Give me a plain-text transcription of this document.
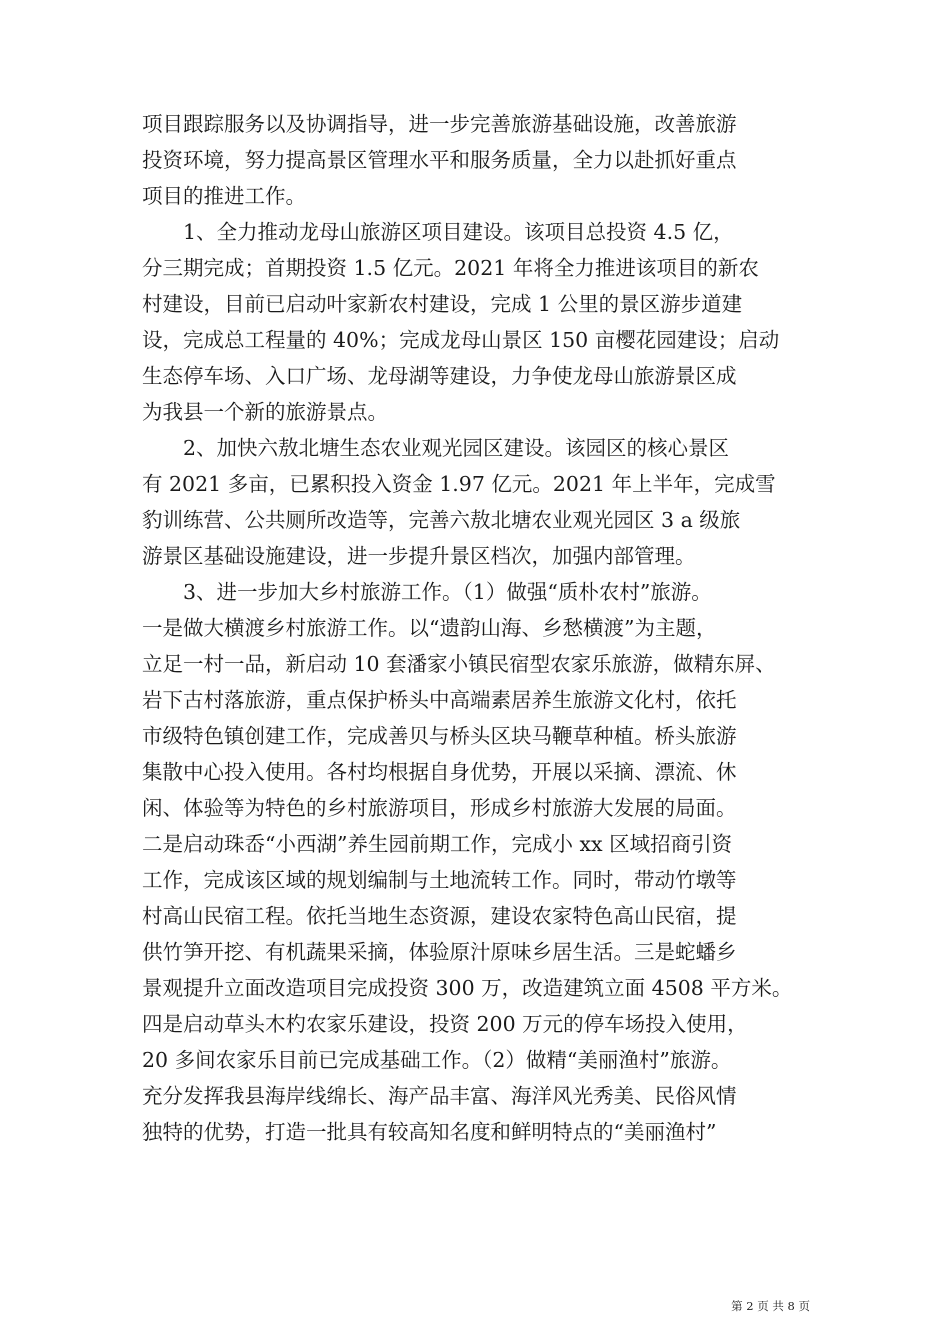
项目跟踪服务以及协调指导，进一步完善旅游基础设施，改善旅游
投资环境，努力提高景区管理水平和服务质量，全力以赴抓好重点
项目的推进工作。
1、全力推动龙母山旅游区项目建设。该项目总投资 4.5 亿，
分三期完成；首期投资 1.5 亿元。2021 年将全力推进该项目的新农
村建设，目前已启动叶家新农村建设，完成 1 公里的景区游步道建
设，完成总工程量的 40%；完成龙母山景区 150 亩樱花园建设；启动
生态停车场、入口广场、龙母湖等建设，力争使龙母山旅游景区成
为我县一个新的旅游景点。
2、加快六敖北塘生态农业观光园区建设。该园区的核心景区
有 2021 多亩，已累积投入资金 1.97 亿元。2021 年上半年，完成雪
豹训练营、公共厕所改造等，完善六敖北塘农业观光园区 3 a 级旅
游景区基础设施建设，进一步提升景区档次，加强内部管理。
3、进一步加大乡村旅游工作。（1）做强“质朴农村”旅游。
一是做大横渡乡村旅游工作。以“遗韵山海、乡愁横渡”为主题，
立足一村一品，新启动 10 套潘家小镇民宿型农家乐旅游，做精东屏、
岩下古村落旅游，重点保护桥头中高端素居养生旅游文化村，依托
市级特色镇创建工作，完成善贝与桥头区块马鞭草种植。桥头旅游
集散中心投入使用。各村均根据自身优势，开展以采摘、漂流、休
闲、体验等为特色的乡村旅游项目，形成乡村旅游大发展的局面。
二是启动珠岙“小西湖”养生园前期工作，完成小 xx 区域招商引资
工作，完成该区域的规划编制与土地流转工作。同时，带动竹墩等
村高山民宿工程。依托当地生态资源，建设农家特色高山民宿，提
供竹笋开挖、有机蔬果采摘，体验原汁原味乡居生活。三是蛇蟠乡
景观提升立面改造项目完成投资 300 万，改造建筑立面 4508 平方米。
四是启动草头木杓农家乐建设，投资 200 万元的停车场投入使用，
20 多间农家乐目前已完成基础工作。（2）做精“美丽渔村”旅游。
充分发挥我县海岸线绵长、海产品丰富、海洋风光秀美、民俗风情
独特的优势，打造一批具有较高知名度和鲜明特点的“美丽渔村”
第 2 页 共 8 页
